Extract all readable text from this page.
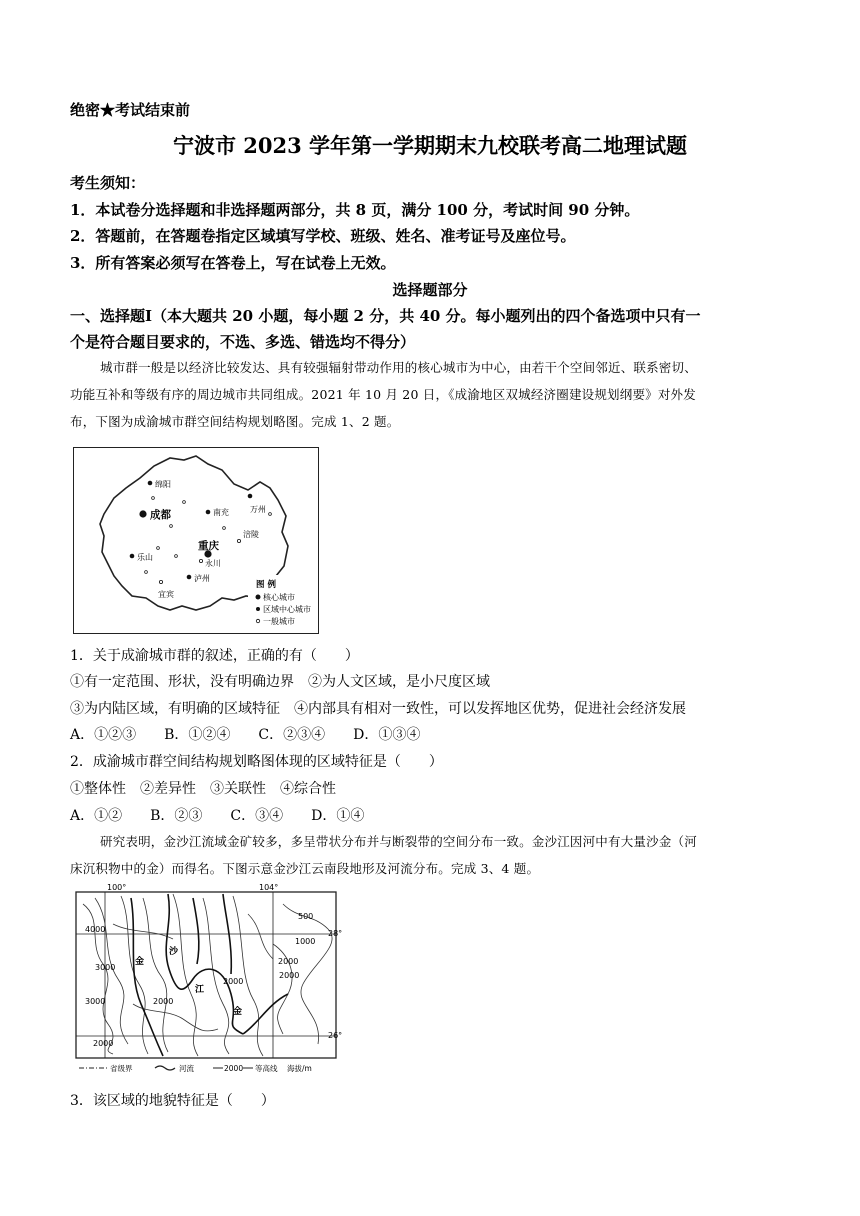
绝密★考试结束前
宁波市 2023 学年第一学期期末九校联考高二地理试题
考生须知：
1．本试卷分选择题和非选择题两部分，共 8 页，满分 100 分，考试时间 90 分钟。
2．答题前，在答题卷指定区域填写学校、班级、姓名、准考证号及座位号。
3．所有答案必须写在答卷上，写在试卷上无效。
选择题部分
一、选择题Ⅰ（本大题共 20 小题，每小题 2 分，共 40 分。每小题列出的四个备选项中只有一
个是符合题目要求的，不选、多选、错选均不得分）
城市群一般是以经济比较发达、具有较强辐射带动作用的核心城市为中心，由若干个空间邻近、联系密切、
功能互补和等级有序的周边城市共同组成。2021 年 10 月 20 日，《成渝地区双城经济圈建设规划纲要》对外发
布，下图为成渝城市群空间结构规划略图。完成 1、2 题。
绵阳
成都	南充	万州
涪陵
重庆
永川
乐山
泸州
宜宾
图 例
核心城市
区域中心城市
一般城市
1．关于成渝城市群的叙述，正确的有（　　）
①有一定范围、形状，没有明确边界　②为人文区域，是小尺度区域
③为内陆区域，有明确的区域特征　④内部具有相对一致性，可以发挥地区优势，促进社会经济发展
A．①②③　　B．①②④　　C．②③④　　D．①③④
2．成渝城市群空间结构规划略图体现的区域特征是（　　）
①整体性　②差异性　③关联性　④综合性
A．①②　　B．②③　　C．③④　　D．①④
研究表明，金沙江流域金矿较多，多呈带状分布并与断裂带的空间分布一致。金沙江因河中有大量沙金（河
床沉积物中的金）而得名。下图示意金沙江云南段地形及河流分布。完成 3、4 题。
100°	104°
28°
26°
4000
3000
3000	2000
2000
2000
500
1000
2000
2000
金
沙
江
金
省级界	河流	2000 等高线 海拔/m
3．该区域的地貌特征是（　　）
